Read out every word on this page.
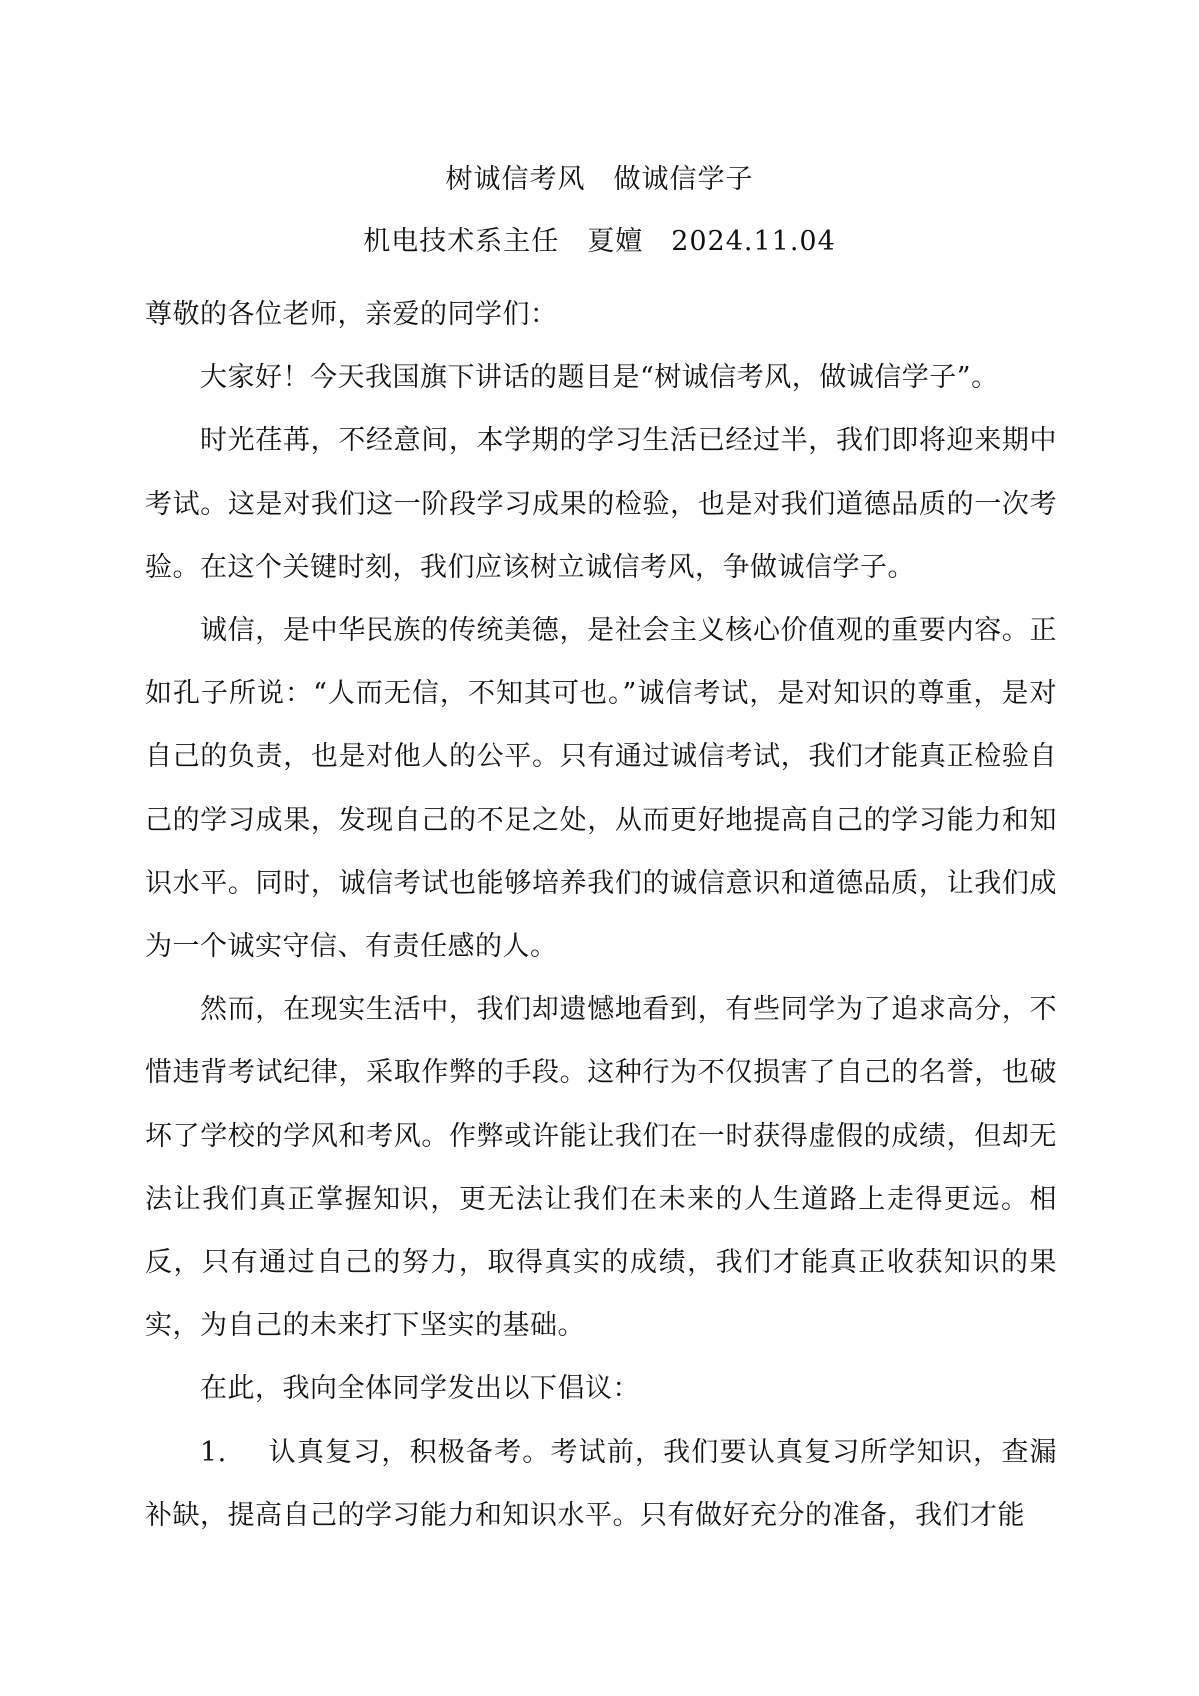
树诚信考风　做诚信学子
机电技术系主任　夏嬗　2024.11.04

尊敬的各位老师，亲爱的同学们：

大家好！今天我国旗下讲话的题目是“树诚信考风，做诚信学子”。

时光荏苒，不经意间，本学期的学习生活已经过半，我们即将迎来期中考试。这是对我们这一阶段学习成果的检验，也是对我们道德品质的一次考验。在这个关键时刻，我们应该树立诚信考风，争做诚信学子。

诚信，是中华民族的传统美德，是社会主义核心价值观的重要内容。正如孔子所说：“人而无信，不知其可也。”诚信考试，是对知识的尊重，是对自己的负责，也是对他人的公平。只有通过诚信考试，我们才能真正检验自己的学习成果，发现自己的不足之处，从而更好地提高自己的学习能力和知识水平。同时，诚信考试也能够培养我们的诚信意识和道德品质，让我们成为一个诚实守信、有责任感的人。

然而，在现实生活中，我们却遗憾地看到，有些同学为了追求高分，不惜违背考试纪律，采取作弊的手段。这种行为不仅损害了自己的名誉，也破坏了学校的学风和考风。作弊或许能让我们在一时获得虚假的成绩，但却无法让我们真正掌握知识，更无法让我们在未来的人生道路上走得更远。相反，只有通过自己的努力，取得真实的成绩，我们才能真正收获知识的果实，为自己的未来打下坚实的基础。

在此，我向全体同学发出以下倡议：

1. 认真复习，积极备考。考试前，我们要认真复习所学知识，查漏补缺，提高自己的学习能力和知识水平。只有做好充分的准备，我们才能
